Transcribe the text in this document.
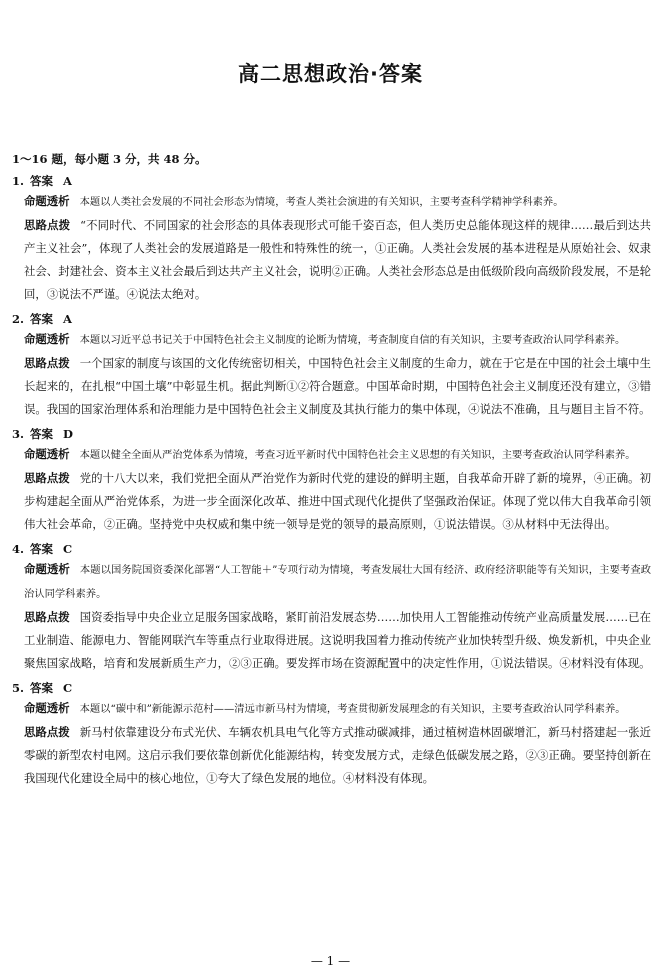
高二思想政治·答案
1～16 题，每小题 3 分，共 48 分。
1. 答案 A
命题透析 本题以人类社会发展的不同社会形态为情境，考查人类社会演进的有关知识，主要考查科学精神学科素养。
思路点拨 “不同时代、不同国家的社会形态的具体表现形式可能千姿百态，但人类历史总能体现这样的规律……最后到达共产主义社会”，体现了人类社会的发展道路是一般性和特殊性的统一，①正确。人类社会发展的基本进程是从原始社会、奴隶社会、封建社会、资本主义社会最后到达共产主义社会，说明②正确。人类社会形态总是由低级阶段向高级阶段发展，不是轮回，③说法不严谨。④说法太绝对。
2. 答案 A
命题透析 本题以习近平总书记关于中国特色社会主义制度的论断为情境，考查制度自信的有关知识，主要考查政治认同学科素养。
思路点拨 一个国家的制度与该国的文化传统密切相关，中国特色社会主义制度的生命力，就在于它是在中国的社会土壤中生长起来的，在扎根“中国土壤”中彰显生机。据此判断①②符合题意。中国革命时期，中国特色社会主义制度还没有建立，③错误。我国的国家治理体系和治理能力是中国特色社会主义制度及其执行能力的集中体现，④说法不准确，且与题目主旨不符。
3. 答案 D
命题透析 本题以健全全面从严治党体系为情境，考查习近平新时代中国特色社会主义思想的有关知识，主要考查政治认同学科素养。
思路点拨 党的十八大以来，我们党把全面从严治党作为新时代党的建设的鲜明主题，自我革命开辟了新的境界，④正确。初步构建起全面从严治党体系，为进一步全面深化改革、推进中国式现代化提供了坚强政治保证。体现了党以伟大自我革命引领伟大社会革命，②正确。坚持党中央权威和集中统一领导是党的领导的最高原则，①说法错误。③从材料中无法得出。
4. 答案 C
命题透析 本题以国务院国资委深化部署“人工智能＋”专项行动为情境，考查发展壮大国有经济、政府经济职能等有关知识，主要考查政治认同学科素养。
思路点拨 国资委指导中央企业立足服务国家战略，紧盯前沿发展态势……加快用人工智能推动传统产业高质量发展……已在工业制造、能源电力、智能网联汽车等重点行业取得进展。这说明我国着力推动传统产业加快转型升级、焕发新机，中央企业聚焦国家战略，培育和发展新质生产力，②③正确。要发挥市场在资源配置中的决定性作用，①说法错误。④材料没有体现。
5. 答案 C
命题透析 本题以“碳中和”新能源示范村——清远市新马村为情境，考查贯彻新发展理念的有关知识，主要考查政治认同学科素养。
思路点拨 新马村依靠建设分布式光伏、车辆农机具电气化等方式推动碳减排，通过植树造林固碳增汇，新马村搭建起一张近零碳的新型农村电网。这启示我们要依靠创新优化能源结构，转变发展方式，走绿色低碳发展之路，②③正确。要坚持创新在我国现代化建设全局中的核心地位，①夸大了绿色发展的地位。④材料没有体现。
— 1 —
